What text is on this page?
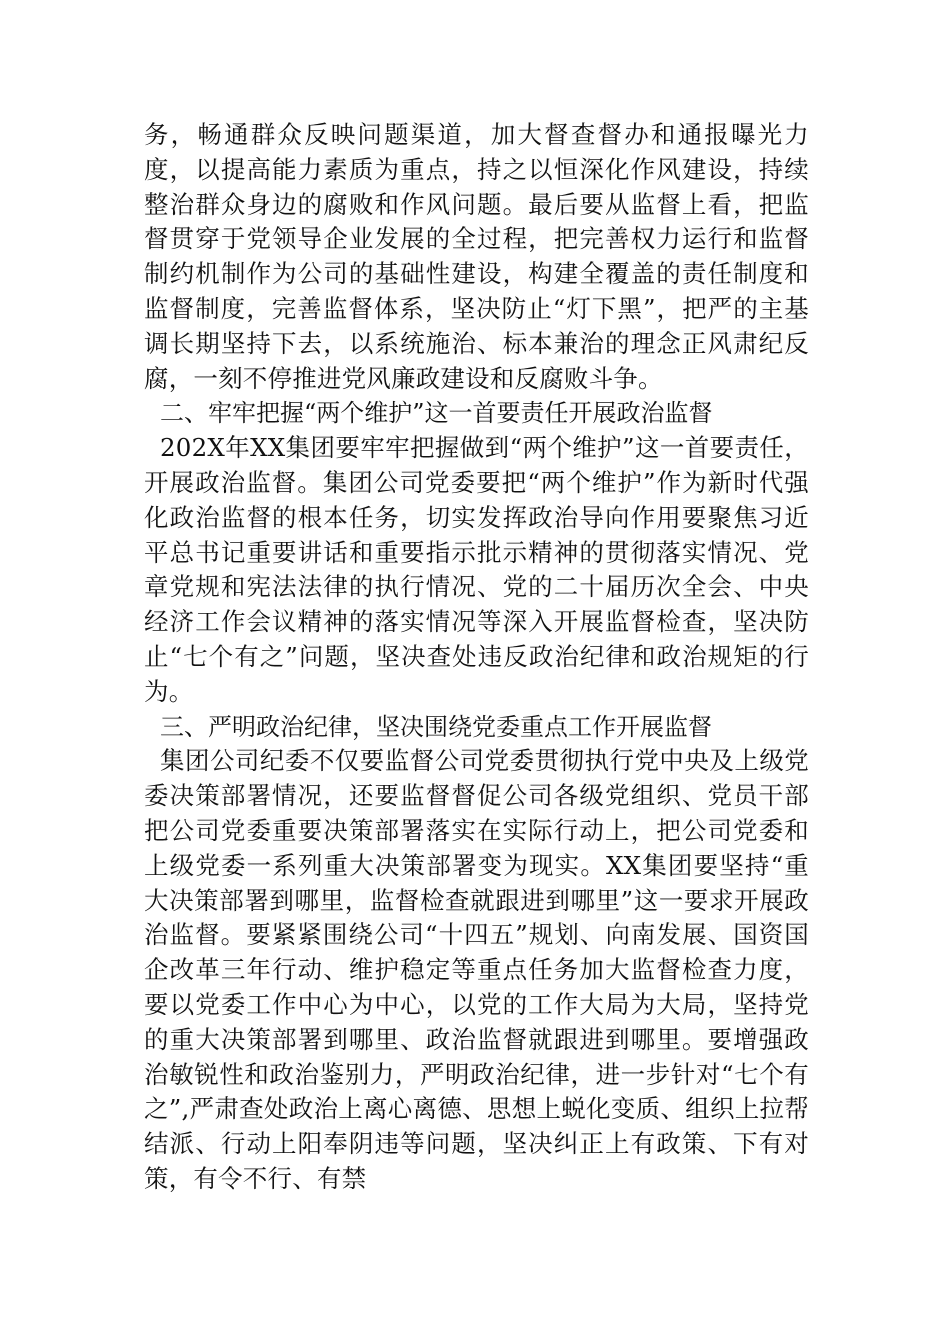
务，畅通群众反映问题渠道，加大督查督办和通报曝光力度，以提高能力素质为重点，持之以恒深化作风建设，持续整治群众身边的腐败和作风问题。最后要从监督上看，把监督贯穿于党领导企业发展的全过程，把完善权力运行和监督制约机制作为公司的基础性建设，构建全覆盖的责任制度和监督制度，完善监督体系，坚决防止“灯下黑”，把严的主基调长期坚持下去，以系统施治、标本兼治的理念正风肃纪反腐，一刻不停推进党风廉政建设和反腐败斗争。

二、牢牢把握“两个维护”这一首要责任开展政治监督

202X年XX集团要牢牢把握做到“两个维护”这一首要责任，开展政治监督。集团公司党委要把“两个维护”作为新时代强化政治监督的根本任务，切实发挥政治导向作用要聚焦习近平总书记重要讲话和重要指示批示精神的贯彻落实情况、党章党规和宪法法律的执行情况、党的二十届历次全会、中央经济工作会议精神的落实情况等深入开展监督检查，坚决防止“七个有之”问题，坚决查处违反政治纪律和政治规矩的行为。

三、严明政治纪律，坚决围绕党委重点工作开展监督

集团公司纪委不仅要监督公司党委贯彻执行党中央及上级党委决策部署情况，还要监督督促公司各级党组织、党员干部把公司党委重要决策部署落实在实际行动上，把公司党委和上级党委一系列重大决策部署变为现实。XX集团要坚持“重大决策部署到哪里，监督检查就跟进到哪里”这一要求开展政治监督。要紧紧围绕公司“十四五”规划、向南发展、国资国企改革三年行动、维护稳定等重点任务加大监督检查力度，要以党委工作中心为中心，以党的工作大局为大局，坚持党的重大决策部署到哪里、政治监督就跟进到哪里。要增强政治敏锐性和政治鉴别力，严明政治纪律，进一步针对“七个有之”,严肃查处政治上离心离德、思想上蜕化变质、组织上拉帮结派、行动上阳奉阴违等问题，坚决纠正上有政策、下有对策，有令不行、有禁
